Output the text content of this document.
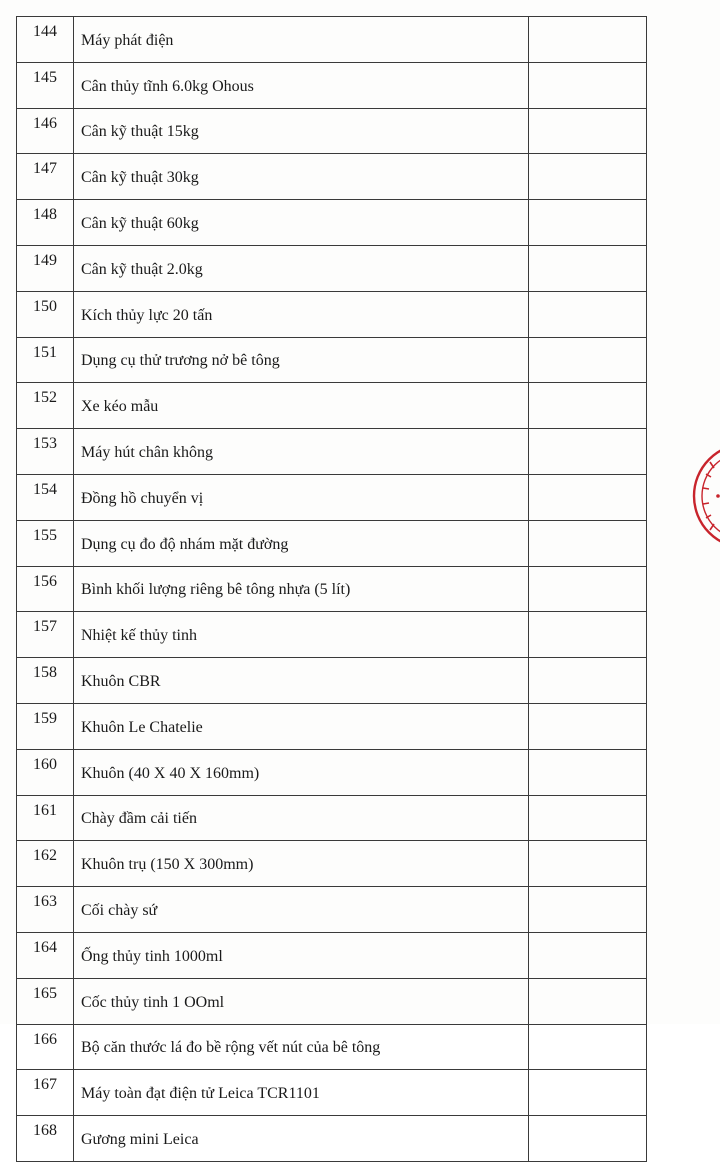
144	Máy phát điện	
145	Cân thủy tĩnh 6.0kg Ohous	
146	Cân kỹ thuật 15kg	
147	Cân kỹ thuật 30kg	
148	Cân kỹ thuật 60kg	
149	Cân kỹ thuật 2.0kg	
150	Kích thủy lực 20 tấn	
151	Dụng cụ thử trương nở bê tông	
152	Xe kéo mẫu	
153	Máy hút chân không	
154	Đồng hồ chuyển vị	
155	Dụng cụ đo độ nhám mặt đường	
156	Bình khối lượng riêng bê tông nhựa (5 lít)	
157	Nhiệt kế thủy tinh	
158	Khuôn CBR	
159	Khuôn Le Chatelie	
160	Khuôn (40 X 40 X 160mm)	
161	Chày đầm cải tiến	
162	Khuôn trụ (150 X 300mm)	
163	Cối chày sứ	
164	Ống thủy tinh 1000ml	
165	Cốc thủy tinh 1 OOml	
166	Bộ căn thước lá đo bề rộng vết nút của bê tông	
167	Máy toàn đạt điện tử Leica TCR1101	
168	Gương mini Leica	
